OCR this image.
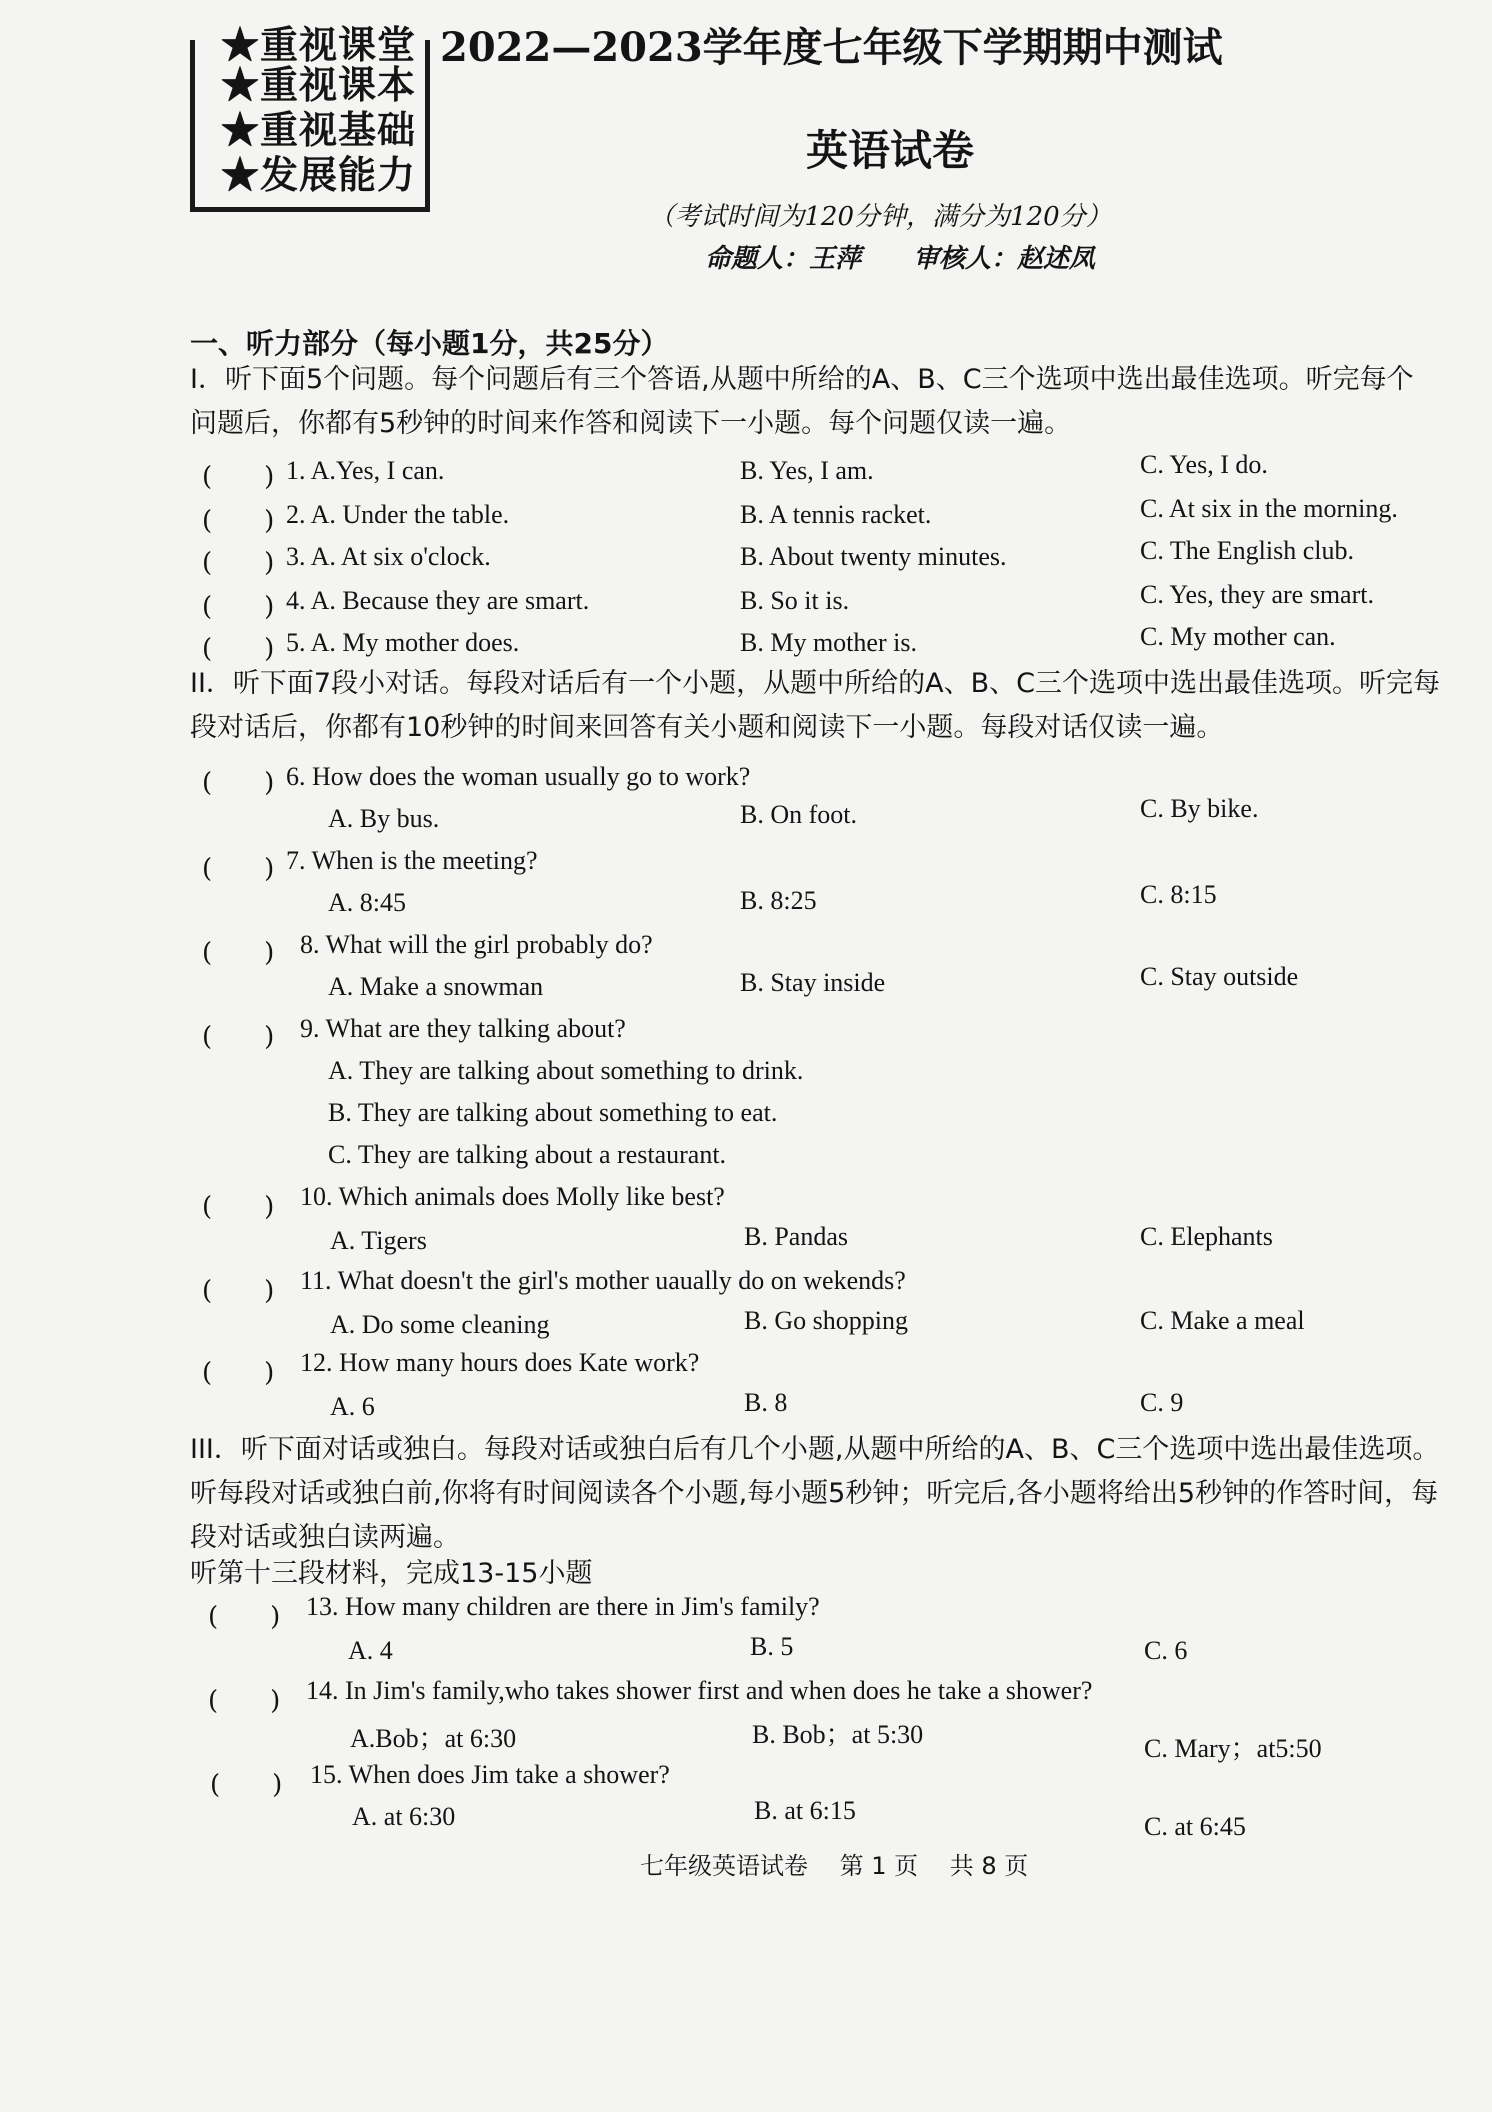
★重视课堂
★重视课本
★重视基础
★发展能力
2022—2023学年度七年级下学期期中测试
英语试卷
（考试时间为120分钟，满分为120分）
命题人：王萍　　审核人：赵述凤
一、听力部分（每小题1分，共25分）
I．听下面5个问题。每个问题后有三个答语,从题中所给的A、B、C三个选项中选出最佳选项。听完每个问题后，你都有5秒钟的时间来作答和阅读下一小题。每个问题仅读一遍。
(　　) 1. A.Yes, I can.	B. Yes, I am.	C. Yes, I do.
(　　) 2. A. Under the table.	B. A tennis racket.	C. At six in the morning.
(　　) 3. A. At six o'clock.	B. About twenty minutes.	C. The English club.
(　　) 4. A. Because they are smart.	B. So it is.	C. Yes, they are smart.
(　　) 5. A. My mother does.	B. My mother is.	C. My mother can.
II．听下面7段小对话。每段对话后有一个小题，从题中所给的A、B、C三个选项中选出最佳选项。听完每段对话后，你都有10秒钟的时间来回答有关小题和阅读下一小题。每段对话仅读一遍。
(　　) 6. How does the woman usually go to work?
A. By bus.	B. On foot.	C. By bike.
(　　) 7. When is the meeting?
A. 8:45	B. 8:25	C. 8:15
(　　) 8. What will the girl probably do?
A. Make a snowman	B. Stay inside	C. Stay outside
(　　) 9. What are they talking about?
A. They are talking about something to drink.
B. They are talking about something to eat.
C. They are talking about a restaurant.
(　　) 10. Which animals does Molly like best?
A. Tigers	B. Pandas	C. Elephants
(　　) 11. What doesn't the girl's mother uaually do on wekends?
A. Do some cleaning	B. Go shopping	C. Make a meal
(　　) 12. How many hours does Kate work?
A. 6	B. 8	C. 9
III．听下面对话或独白。每段对话或独白后有几个小题,从题中所给的A、B、C三个选项中选出最佳选项。听每段对话或独白前,你将有时间阅读各个小题,每小题5秒钟；听完后,各小题将给出5秒钟的作答时间，每段对话或独白读两遍。
听第十三段材料，完成13-15小题
(　　) 13. How many children are there in Jim's family?
A. 4	B. 5	C. 6
(　　) 14. In Jim's family,who takes shower first and when does he take a shower?
A.Bob；at 6:30	B. Bob；at 5:30	C. Mary；at5:50
(　　) 15. When does Jim take a shower?
A. at 6:30	B. at 6:15
C. at 6:45
七年级英语试卷　 第 1 页　 共 8 页
